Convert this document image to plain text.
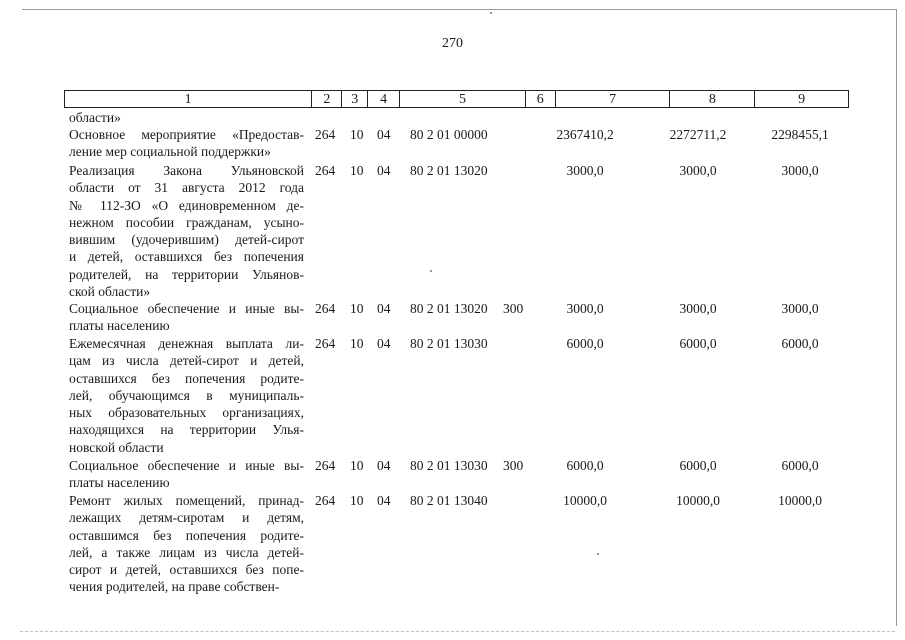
270
1	2	3	4	5	6	7	8	9
области»
Основное мероприятие «Предостав-
ление мер социальной поддержки»
264 10 04 80 2 01 00000	2367410,2	2272711,2	2298455,1
Реализация Закона Ульяновской
области от 31 августа 2012 года
№ 112-ЗО «О единовременном де-
нежном пособии гражданам, усыно-
вившим (удочерившим) детей-сирот
и детей, оставшихся без попечения
родителей, на территории Ульянов-
ской области»
264 10 04 80 2 01 13020	3000,0	3000,0	3000,0
Социальное обеспечение и иные вы-
платы населению
264 10 04 80 2 01 13020 300	3000,0	3000,0	3000,0
Ежемесячная денежная выплата ли-
цам из числа детей-сирот и детей,
оставшихся без попечения родите-
лей, обучающимся в муниципаль-
ных образовательных организациях,
находящихся на территории Улья-
новской области
264 10 04 80 2 01 13030	6000,0	6000,0	6000,0
Социальное обеспечение и иные вы-
платы населению
264 10 04 80 2 01 13030 300	6000,0	6000,0	6000,0
Ремонт жилых помещений, принад-
лежащих детям-сиротам и детям,
оставшимся без попечения родите-
лей, а также лицам из числа детей-
сирот и детей, оставшихся без попе-
чения родителей, на праве собствен-
264 10 04 80 2 01 13040	10000,0	10000,0	10000,0
